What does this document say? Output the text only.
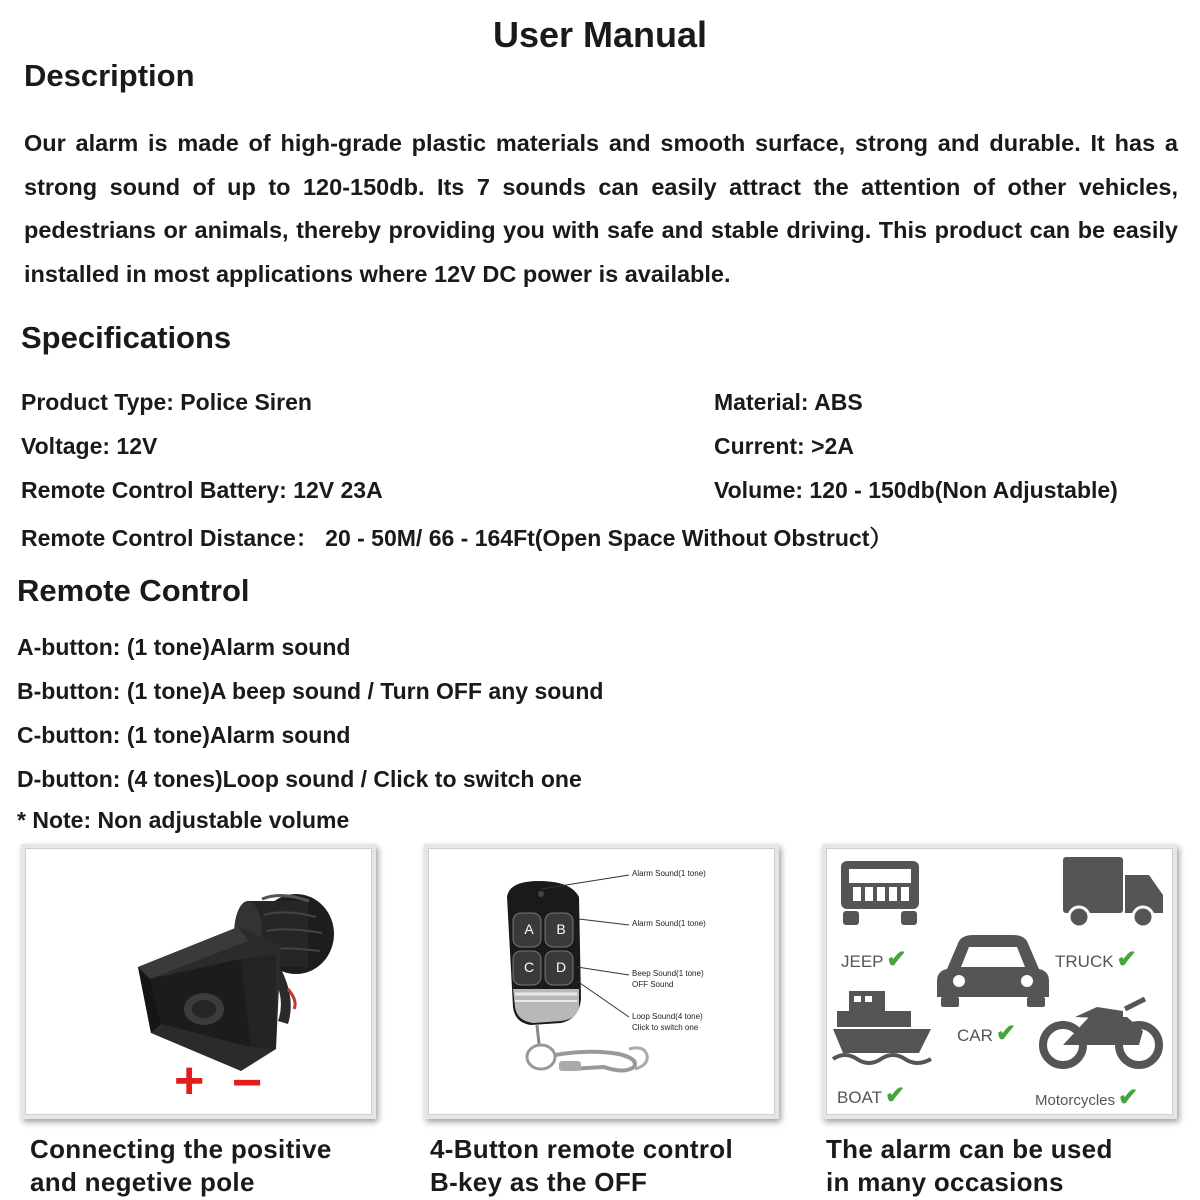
User Manual
Description
Our alarm is made of high-grade plastic materials and smooth surface, strong and durable. It has a strong sound of up to 120-150db. Its 7 sounds can easily attract the attention of other vehicles, pedestrians or animals, thereby providing you with safe and stable driving. This product can be easily installed in most applications where 12V DC power is available.
Specifications
Product Type: Police Siren	Material: ABS
Voltage: 12V	Current: >2A
Remote Control Battery: 12V 23A	Volume: 120 - 150db(Non Adjustable)
Remote Control Distance： 20 - 50M/ 66 - 164Ft(Open Space Without Obstruct）
Remote Control
A-button: (1 tone)Alarm sound
B-button: (1 tone)A beep sound / Turn OFF any sound
C-button: (1 tone)Alarm sound
D-button: (4 tones)Loop sound / Click to switch one
* Note: Non adjustable volume
+ −
Connecting the positive
and negetive pole
A	B
C	D
Alarm Sound(1 tone)
Alarm Sound(1 tone)
Beep Sound(1 tone)
OFF Sound
Loop Sound(4 tone)
Click to switch one
4-Button remote control
B-key as the OFF
JEEP ✔	TRUCK ✔
CAR ✔
BOAT ✔	Motorcycles ✔
The alarm can be used
in many occasions
